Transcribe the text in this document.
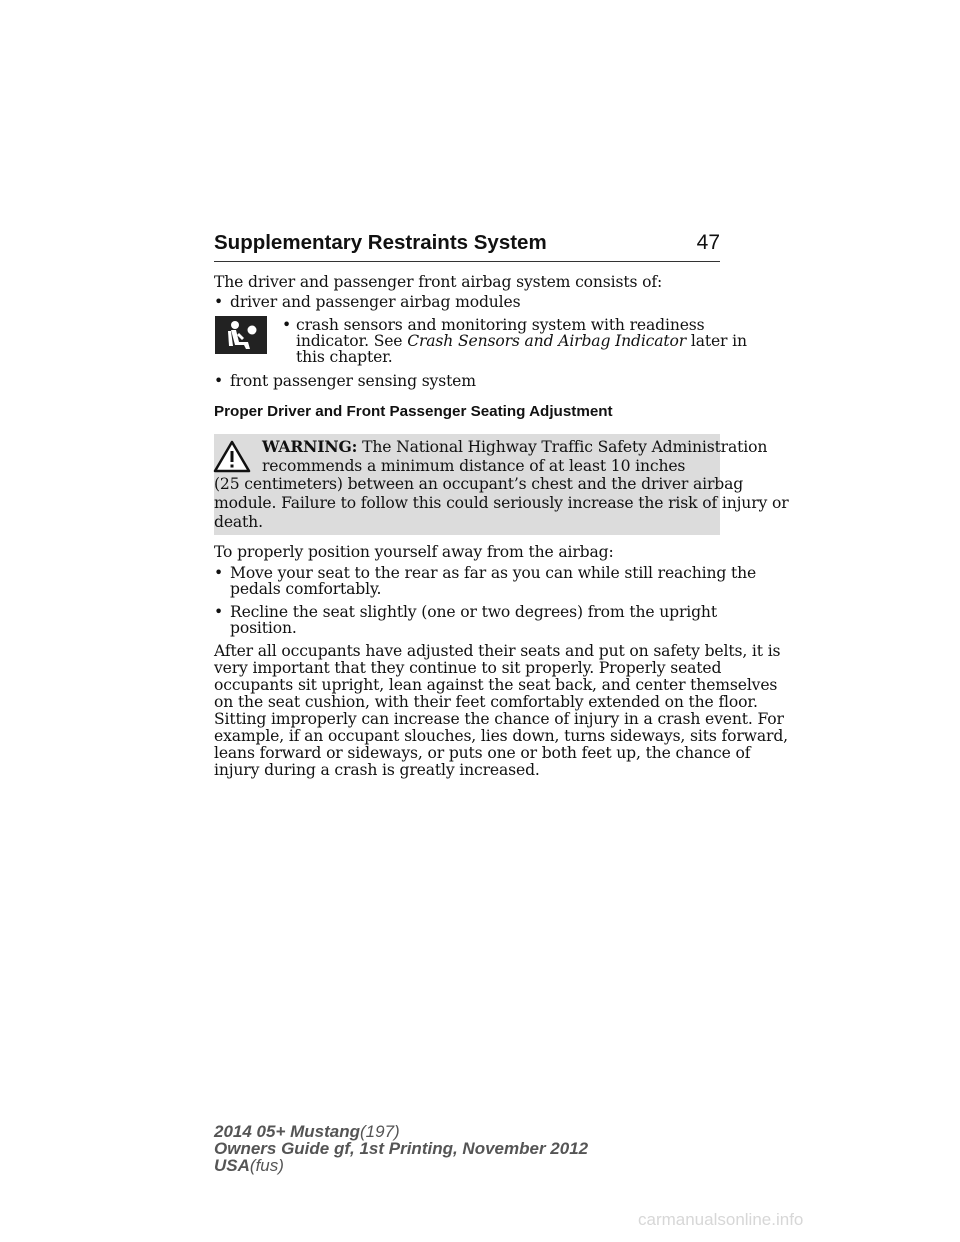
Supplementary Restraints System	47
The driver and passenger front airbag system consists of:
• driver and passenger airbag modules
• crash sensors and monitoring system with readiness
indicator. See Crash Sensors and Airbag Indicator later in
this chapter.
• front passenger sensing system
Proper Driver and Front Passenger Seating Adjustment
WARNING: The National Highway Traffic Safety Administration
recommends a minimum distance of at least 10 inches
(25 centimeters) between an occupant’s chest and the driver airbag
module. Failure to follow this could seriously increase the risk of injury or
death.
To properly position yourself away from the airbag:
• Move your seat to the rear as far as you can while still reaching the
pedals comfortably.
• Recline the seat slightly (one or two degrees) from the upright
position.
After all occupants have adjusted their seats and put on safety belts, it is
very important that they continue to sit properly. Properly seated
occupants sit upright, lean against the seat back, and center themselves
on the seat cushion, with their feet comfortably extended on the floor.
Sitting improperly can increase the chance of injury in a crash event. For
example, if an occupant slouches, lies down, turns sideways, sits forward,
leans forward or sideways, or puts one or both feet up, the chance of
injury during a crash is greatly increased.
2014 05+ Mustang(197)
Owners Guide gf, 1st Printing, November 2012
USA(fus)
carmanualsonline.info
